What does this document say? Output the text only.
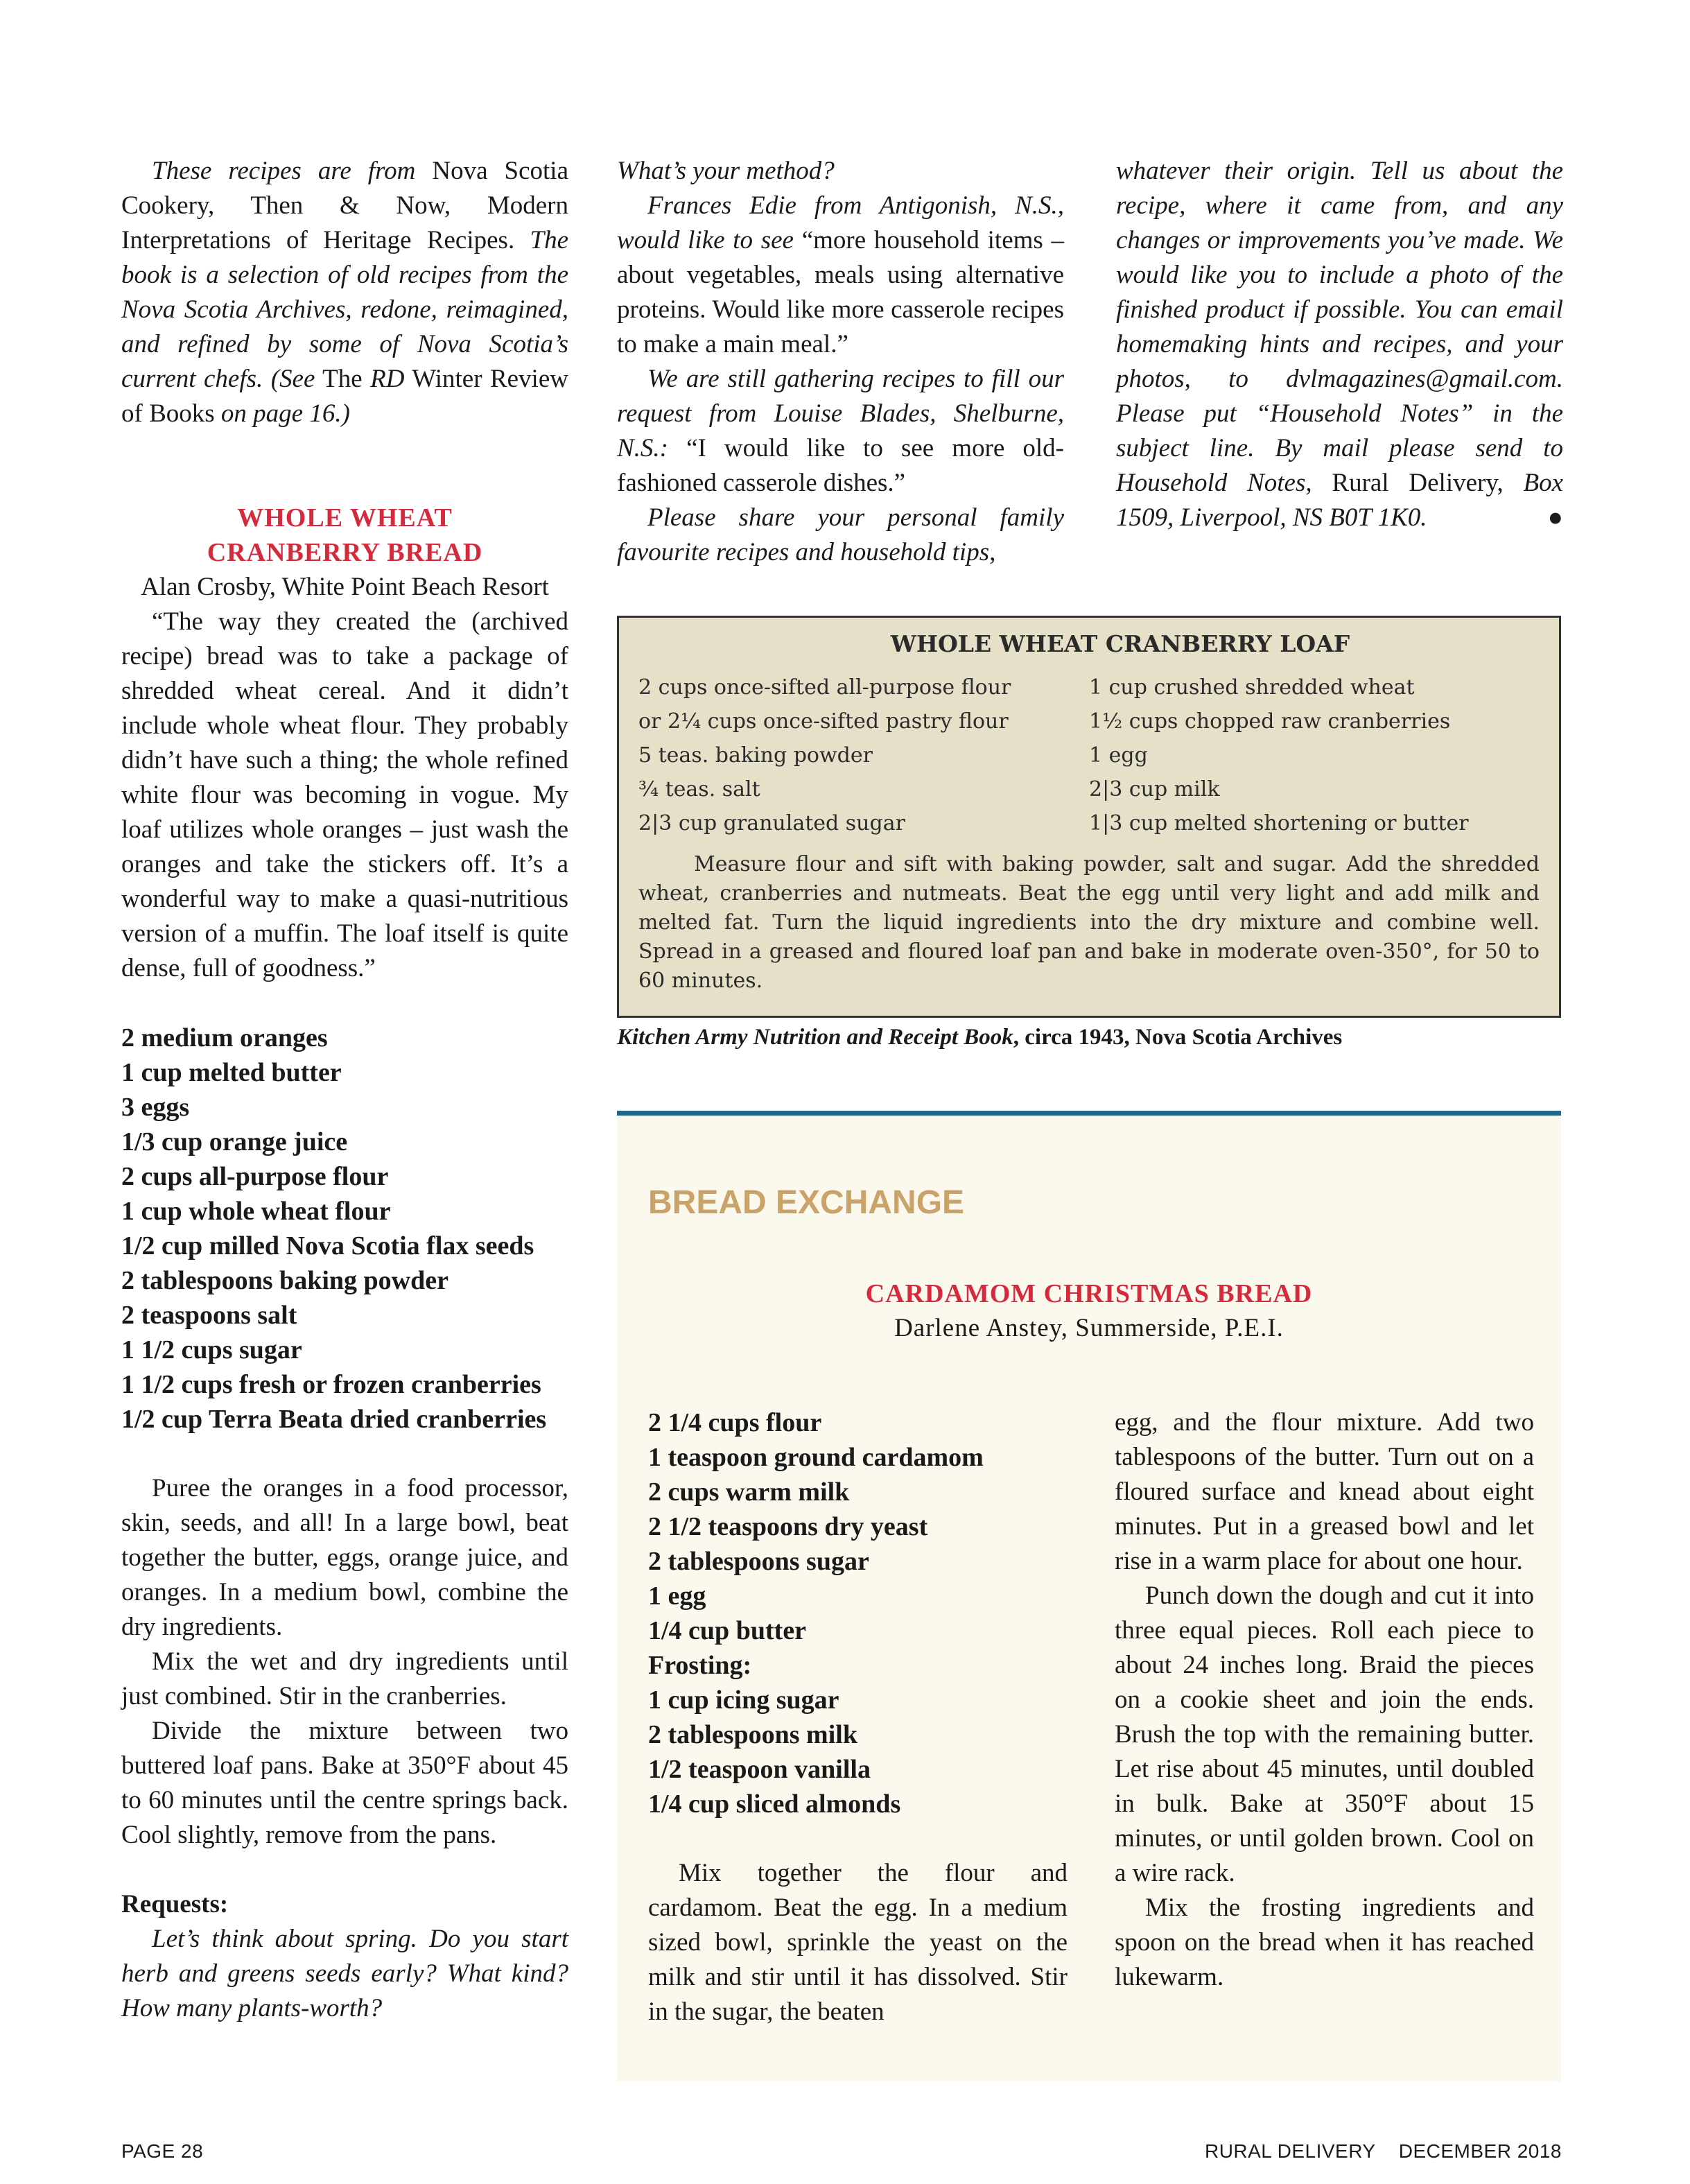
These recipes are from Nova Scotia Cookery, Then & Now, Modern Interpretations of Heritage Recipes. The book is a selection of old recipes from the Nova Scotia Archives, redone, reimagined, and refined by some of Nova Scotia’s current chefs. (See The RD Winter Review of Books on page 16.)

WHOLE WHEAT
CRANBERRY BREAD

Alan Crosby, White Point Beach Resort

“The way they created the (archived recipe) bread was to take a package of shredded wheat cereal. And it didn’t include whole wheat flour. They probably didn’t have such a thing; the whole refined white flour was becoming in vogue. My loaf utilizes whole oranges – just wash the oranges and take the stickers off. It’s a wonderful way to make a quasi-nutritious version of a muffin. The loaf itself is quite dense, full of goodness.”

2 medium oranges
1 cup melted butter
3 eggs
1/3 cup orange juice
2 cups all-purpose flour
1 cup whole wheat flour
1/2 cup milled Nova Scotia flax seeds
2 tablespoons baking powder
2 teaspoons salt
1 1/2 cups sugar
1 1/2 cups fresh or frozen cranberries
1/2 cup Terra Beata dried cranberries

Puree the oranges in a food processor, skin, seeds, and all! In a large bowl, beat together the butter, eggs, orange juice, and oranges. In a medium bowl, combine the dry ingredients.

Mix the wet and dry ingredients until just combined. Stir in the cranberries.

Divide the mixture between two buttered loaf pans. Bake at 350°F about 45 to 60 minutes until the centre springs back. Cool slightly, remove from the pans.

Requests:

Let’s think about spring. Do you start herb and greens seeds early? What kind? How many plants-worth?

What’s your method?

Frances Edie from Antigonish, N.S., would like to see “more household items – about vegetables, meals using alternative proteins. Would like more casserole recipes to make a main meal.”

We are still gathering recipes to fill our request from Louise Blades, Shelburne, N.S.: “I would like to see more old-fashioned casserole dishes.”

Please share your personal family favourite recipes and household tips,

whatever their origin. Tell us about the recipe, where it came from, and any changes or improvements you’ve made. We would like you to include a photo of the finished product if possible. You can email homemaking hints and recipes, and your photos, to dvlmagazines@gmail.com. Please put “Household Notes” in the subject line. By mail please send to Household Notes, Rural Delivery, Box 1509, Liverpool, NS B0T 1K0.	●

WHOLE WHEAT CRANBERRY LOAF
2 cups once-sifted all-purpose flour
or 2¼ cups once-sifted pastry flour
5 teas. baking powder
¾ teas. salt
2|3 cup granulated sugar
1 cup crushed shredded wheat
1½ cups chopped raw cranberries
1 egg
2|3 cup milk
1|3 cup melted shortening or butter

Measure flour and sift with baking powder, salt and sugar. Add the shredded wheat, cranberries and nutmeats. Beat the egg until very light and add milk and melted fat. Turn the liquid ingredients into the dry mixture and combine well. Spread in a greased and floured loaf pan and bake in moderate oven-350°, for 50 to 60 minutes.

Kitchen Army Nutrition and Receipt Book, circa 1943, Nova Scotia Archives
BREAD EXCHANGE
CARDAMOM CHRISTMAS BREAD
Darlene Anstey, Summerside, P.E.I.
2 1/4 cups flour
1 teaspoon ground cardamom
2 cups warm milk
2 1/2 teaspoons dry yeast
2 tablespoons sugar
1 egg
1/4 cup butter
Frosting:
1 cup icing sugar
2 tablespoons milk
1/2 teaspoon vanilla
1/4 cup sliced almonds

Mix together the flour and cardamom. Beat the egg. In a medium sized bowl, sprinkle the yeast on the milk and stir until it has dissolved. Stir in the sugar, the beaten

egg, and the flour mixture. Add two tablespoons of the butter. Turn out on a floured surface and knead about eight minutes. Put in a greased bowl and let rise in a warm place for about one hour.

Punch down the dough and cut it into three equal pieces. Roll each piece to about 24 inches long. Braid the pieces on a cookie sheet and join the ends. Brush the top with the remaining butter. Let rise about 45 minutes, until doubled in bulk. Bake at 350°F about 15 minutes, or until golden brown. Cool on a wire rack.

Mix the frosting ingredients and spoon on the bread when it has reached lukewarm.

PAGE 28	RURAL DELIVERY DECEMBER 2018
